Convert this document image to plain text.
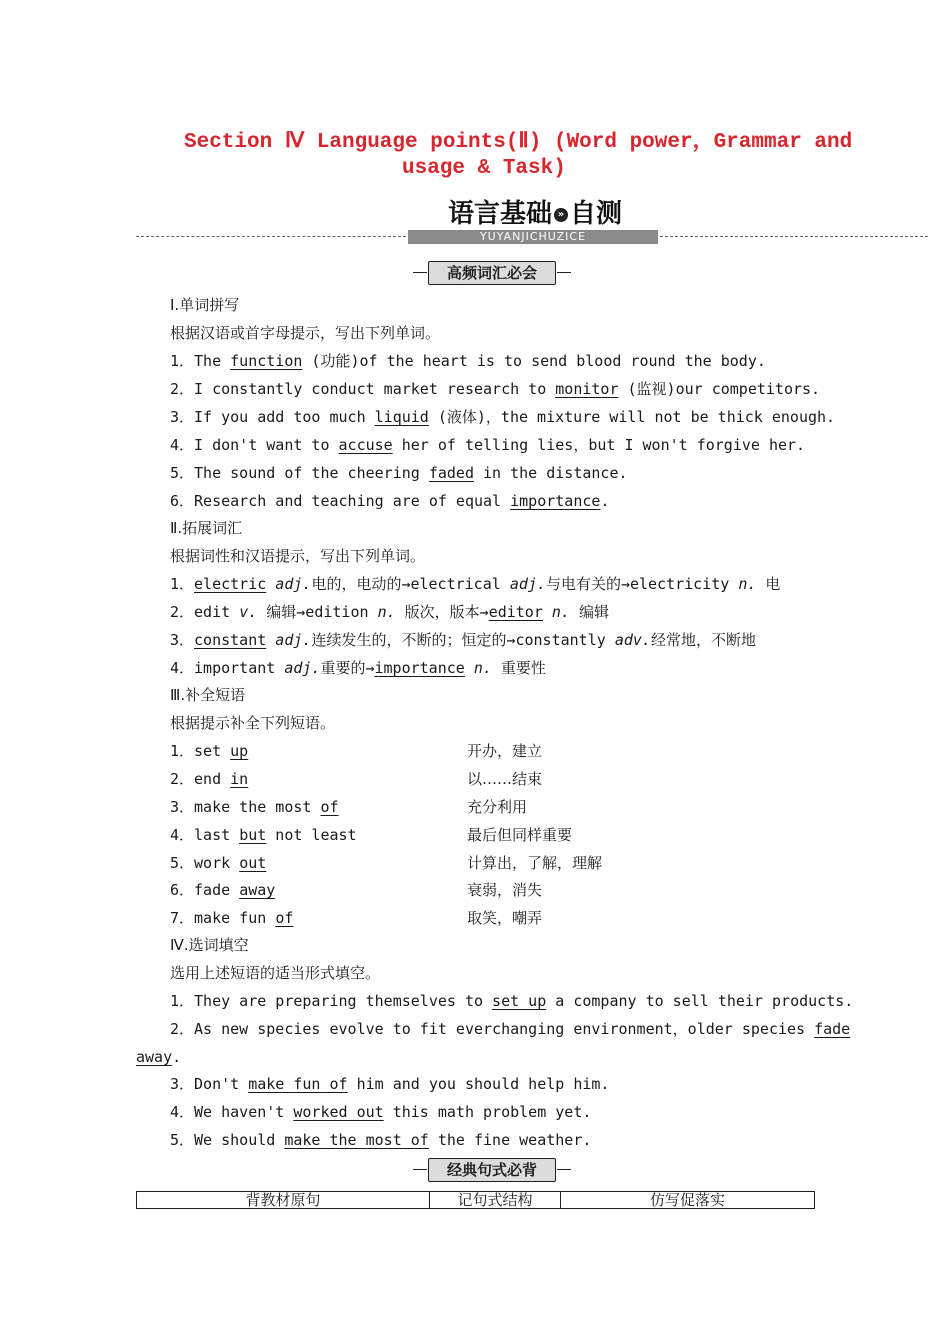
Section Ⅳ Language points(Ⅱ) (Word power，Grammar and
usage & Task)
YUYANJICHUZICE
语言基础 » 自测
高频词汇必会
Ⅰ.单词拼写
根据汉语或首字母提示，写出下列单词。
1．The function (功能)of the heart is to send blood round the body.
2．I constantly conduct market research to monitor (监视)our competitors.
3．If you add too much liquid (液体)，the mixture will not be thick enough.
4．I don't want to accuse her of telling lies，but I won't forgive her.
5．The sound of the cheering faded in the distance.
6．Research and teaching are of equal importance.
Ⅱ.拓展词汇
根据词性和汉语提示，写出下列单词。
1．electric adj.电的，电动的→electrical adj.与电有关的→electricity n. 电
2．edit v. 编辑→edition n. 版次，版本→editor n. 编辑
3．constant adj.连续发生的，不断的；恒定的→constantly adv.经常地，不断地
4．important adj.重要的→importance n. 重要性
Ⅲ.补全短语
根据提示补全下列短语。
1．set up	开办，建立
2．end in	以……结束
3．make the most of	充分利用
4．last but not least	最后但同样重要
5．work out	计算出，了解，理解
6．fade away	衰弱，消失
7．make fun of	取笑，嘲弄
Ⅳ.选词填空
选用上述短语的适当形式填空。
1．They are preparing themselves to set up a company to sell their products.
2．As new species evolve to fit everchanging environment，older species fade
away.
3．Don't make fun of him and you should help him.
4．We haven't worked out this math problem yet.
5．We should make the most of the fine weather.
经典句式必背
背教材原句	记句式结构	仿写促落实
